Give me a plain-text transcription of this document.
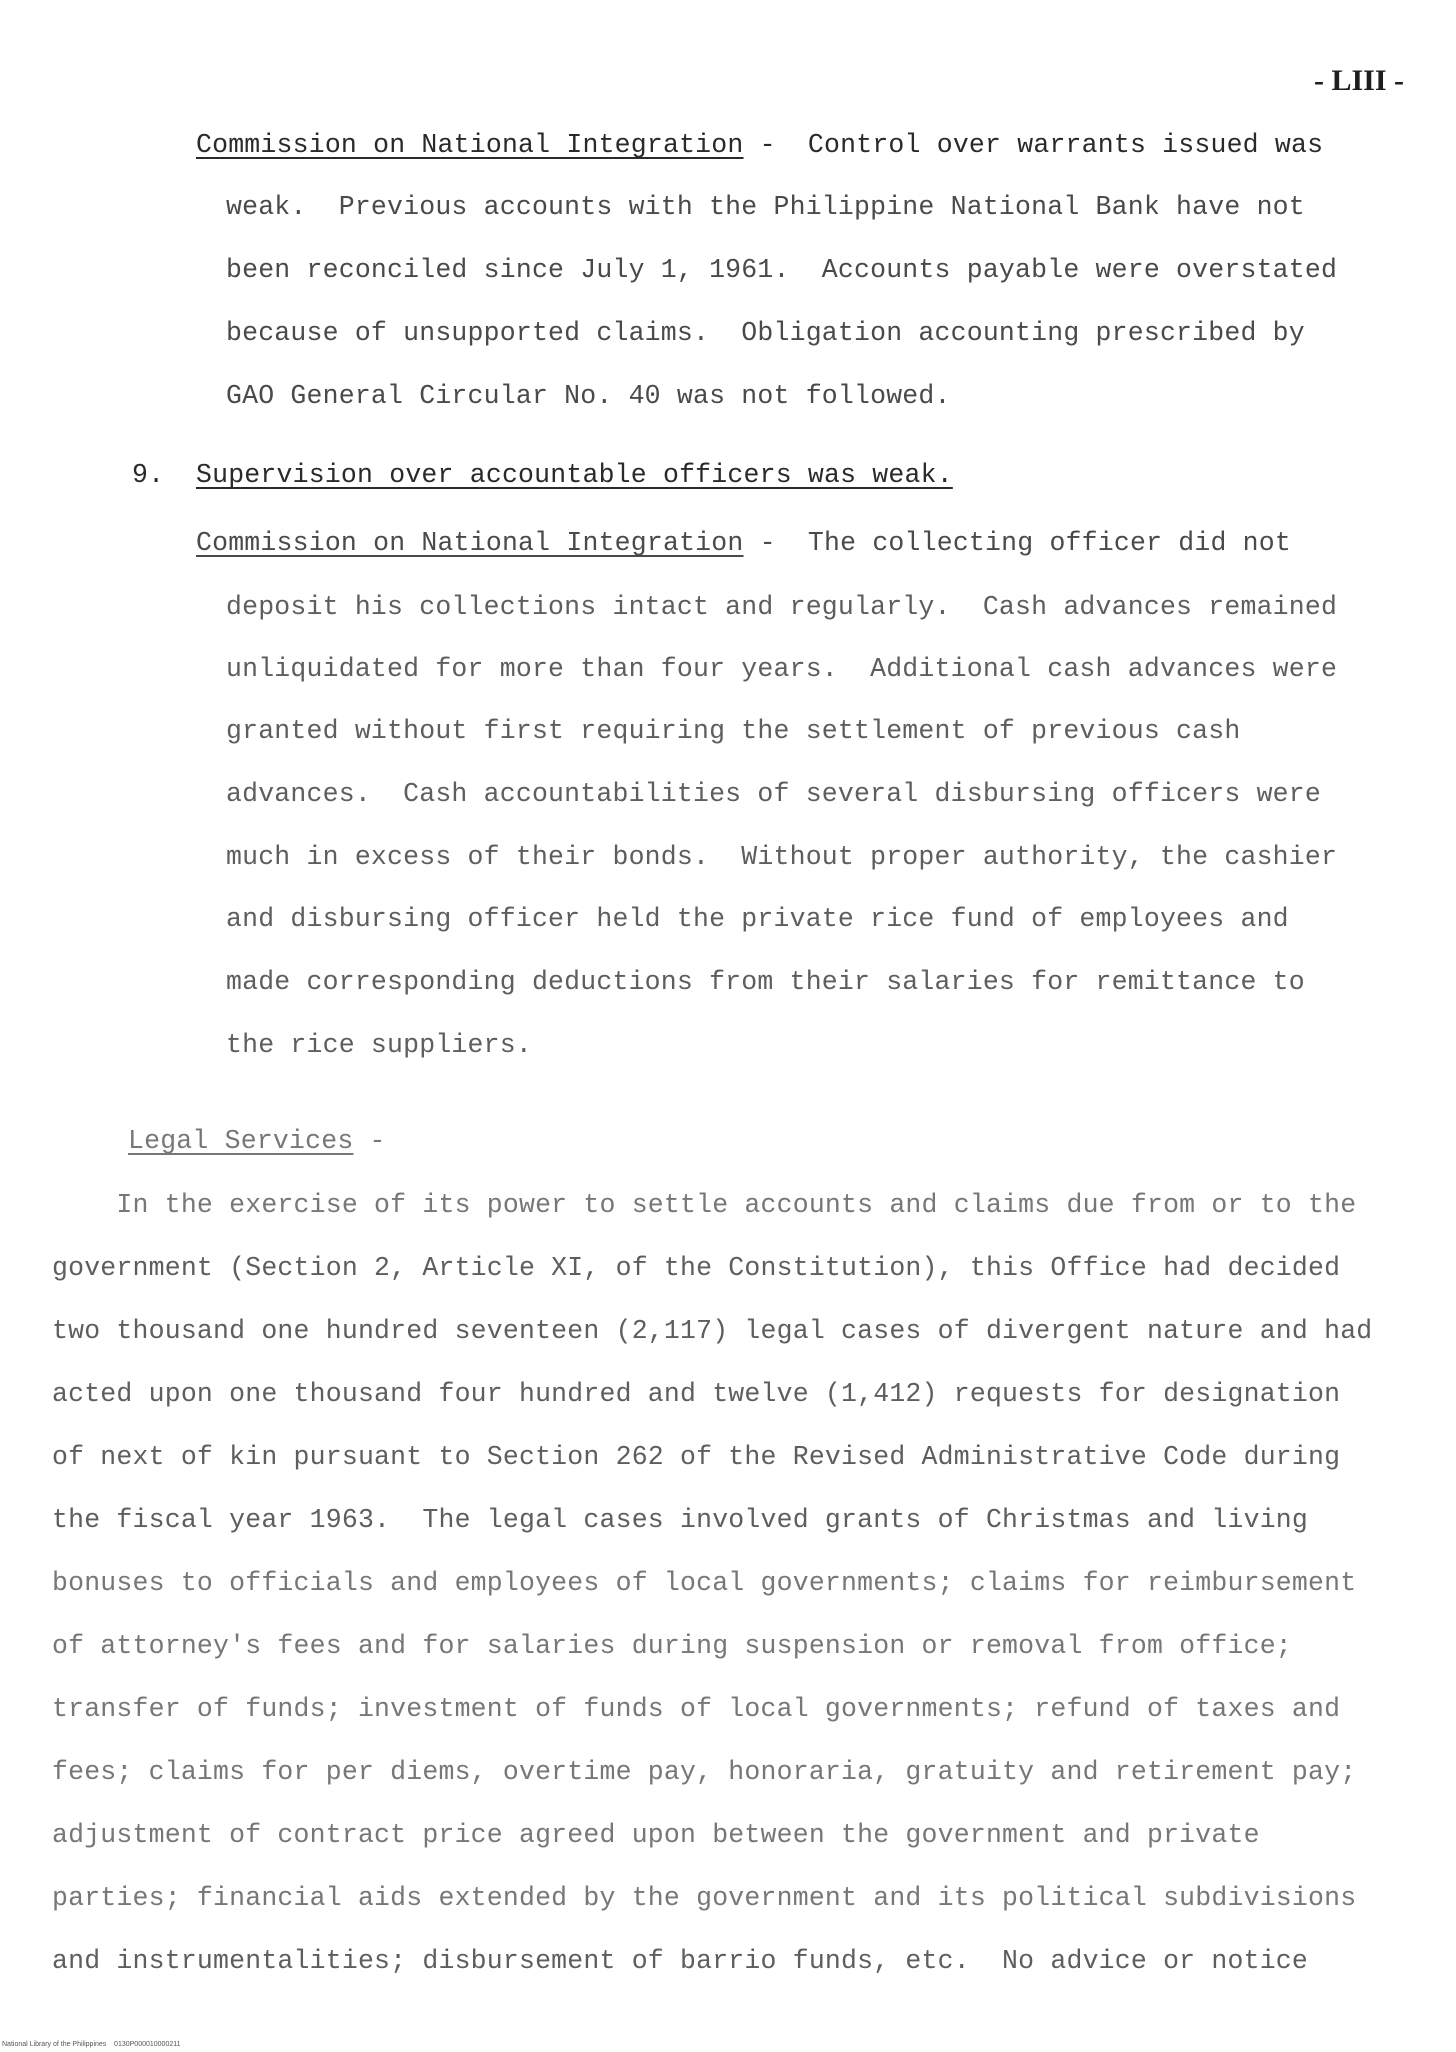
- LIII -
Commission on National Integration -  Control over warrants issued was
weak.  Previous accounts with the Philippine National Bank have not
been reconciled since July 1, 1961.  Accounts payable were overstated
because of unsupported claims.  Obligation accounting prescribed by
GAO General Circular No. 40 was not followed.
9. Supervision over accountable officers was weak.
Commission on National Integration -  The collecting officer did not
deposit his collections intact and regularly.  Cash advances remained
unliquidated for more than four years.  Additional cash advances were
granted without first requiring the settlement of previous cash
advances.  Cash accountabilities of several disbursing officers were
much in excess of their bonds.  Without proper authority, the cashier
and disbursing officer held the private rice fund of employees and
made corresponding deductions from their salaries for remittance to
the rice suppliers.
Legal Services -
In the exercise of its power to settle accounts and claims due from or to the
government (Section 2, Article XI, of the Constitution), this Office had decided
two thousand one hundred seventeen (2,117) legal cases of divergent nature and had
acted upon one thousand four hundred and twelve (1,412) requests for designation
of next of kin pursuant to Section 262 of the Revised Administrative Code during
the fiscal year 1963.  The legal cases involved grants of Christmas and living
bonuses to officials and employees of local governments; claims for reimbursement
of attorney's fees and for salaries during suspension or removal from office;
transfer of funds; investment of funds of local governments; refund of taxes and
fees; claims for per diems, overtime pay, honoraria, gratuity and retirement pay;
adjustment of contract price agreed upon between the government and private
parties; financial aids extended by the government and its political subdivisions
and instrumentalities; disbursement of barrio funds, etc.  No advice or notice
National Library of the Philippines    0130P000010000211
